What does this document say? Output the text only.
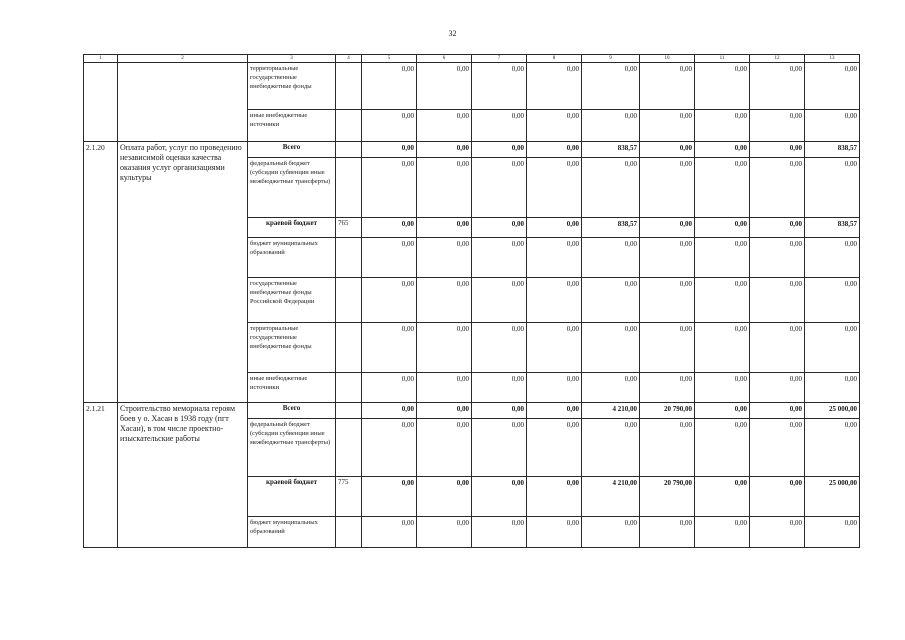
32
1	2	3	4	5	6	7	8	9	10	11	12	13
		территориальные государственные внебюджетные фонды		0,00	0,00	0,00	0,00	0,00	0,00	0,00	0,00	0,00
		иные внебюджетные источники		0,00	0,00	0,00	0,00	0,00	0,00	0,00	0,00	0,00
2.1.20	Оплата работ, услуг по проведению независимой оценки качества оказания услуг организациями культуры	Всего		0,00	0,00	0,00	0,00	838,57	0,00	0,00	0,00	838,57
		федеральный бюджет (субсидии субвенции иные межбюджетные трансферты)		0,00	0,00	0,00	0,00	0,00	0,00	0,00	0,00	0,00
		краевой бюджет	765	0,00	0,00	0,00	0,00	838,57	0,00	0,00	0,00	838,57
		бюджет муниципальных образований		0,00	0,00	0,00	0,00	0,00	0,00	0,00	0,00	0,00
		государственные внебюджетные фонды Российской Федерации		0,00	0,00	0,00	0,00	0,00	0,00	0,00	0,00	0,00
		территориальные государственные внебюджетные фонды		0,00	0,00	0,00	0,00	0,00	0,00	0,00	0,00	0,00
		иные внебюджетные источники		0,00	0,00	0,00	0,00	0,00	0,00	0,00	0,00	0,00
2.1.21	Строительство мемориала героям боев у о. Хасан в 1938 году (пгт Хасан), в том числе проектно-изыскательские работы	Всего		0,00	0,00	0,00	0,00	4 210,00	20 790,00	0,00	0,00	25 000,00
		федеральный бюджет (субсидии субвенции иные межбюджетные трансферты)		0,00	0,00	0,00	0,00	0,00	0,00	0,00	0,00	0,00
		краевой бюджет	775	0,00	0,00	0,00	0,00	4 210,00	20 790,00	0,00	0,00	25 000,00
		бюджет муниципальных образований		0,00	0,00	0,00	0,00	0,00	0,00	0,00	0,00	0,00
